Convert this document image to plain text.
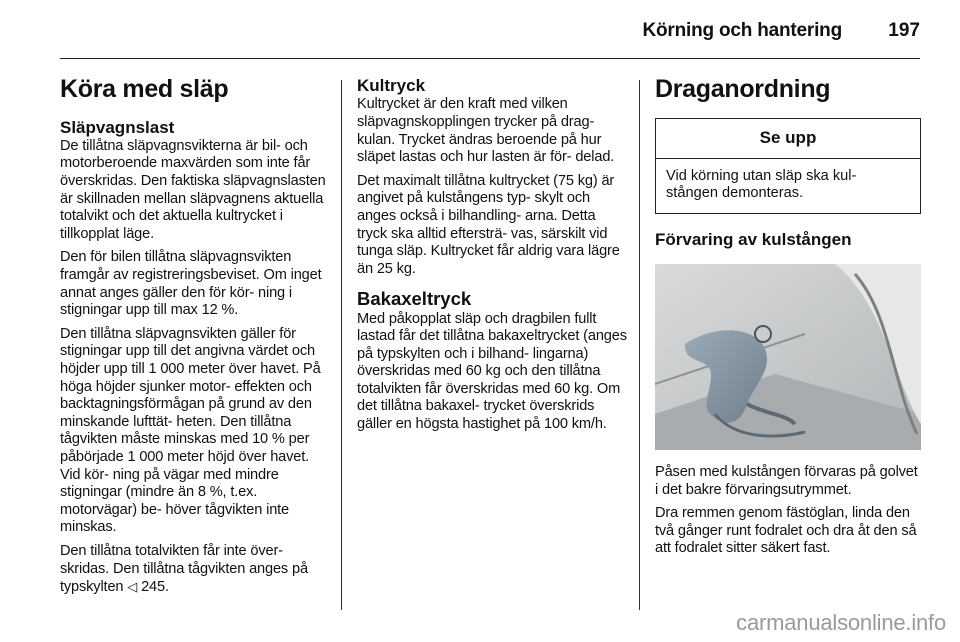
Körning och hantering 197
Köra med släp
Släpvagnslast

De tillåtna släpvagnsvikterna är bil- och motorberoende maxvärden som inte får överskridas. Den faktiska släpvagnslasten är skillnaden mellan släpvagnens aktuella totalvikt och det aktuella kultrycket i tillkopplat läge.

Den för bilen tillåtna släpvagnsvikten framgår av registreringsbeviset. Om inget annat anges gäller den för kör- ning i stigningar upp till max 12 %.

Den tillåtna släpvagnsvikten gäller för stigningar upp till det angivna värdet och höjder upp till 1 000 meter över havet. På höga höjder sjunker motor- effekten och backtagningsförmågan på grund av den minskande lufttät- heten. Den tillåtna tågvikten måste minskas med 10 % per påbörjade 1 000 meter höjd över havet. Vid kör- ning på vägar med mindre stigningar (mindre än 8 %, t.ex. motorvägar) be- höver tågvikten inte minskas.

Den tillåtna totalvikten får inte över- skridas. Den tillåtna tågvikten anges på typskylten ◁ 245.

Kultryck

Kultrycket är den kraft med vilken släpvagnskopplingen trycker på drag- kulan. Trycket ändras beroende på hur släpet lastas och hur lasten är för- delad.

Det maximalt tillåtna kultrycket (75 kg) är angivet på kulstångens typ- skylt och anges också i bilhandling- arna. Detta tryck ska alltid eftersträ- vas, särskilt vid tunga släp. Kultrycket får aldrig vara lägre än 25 kg.

Bakaxeltryck

Med påkopplat släp och dragbilen fullt lastad får det tillåtna bakaxeltrycket (anges på typskylten och i bilhand- lingarna) överskridas med 60 kg och den tillåtna totalvikten får överskridas med 60 kg. Om det tillåtna bakaxel- trycket överskrids gäller en högsta hastighet på 100 km/h.

Draganordning
Se upp
Vid körning utan släp ska kul- stången demonteras.
Förvaring av kulstången

Påsen med kulstången förvaras på golvet i det bakre förvaringsutrymmet.

Dra remmen genom fästöglan, linda den två gånger runt fodralet och dra åt den så att fodralet sitter säkert fast.

carmanualsonline.info
